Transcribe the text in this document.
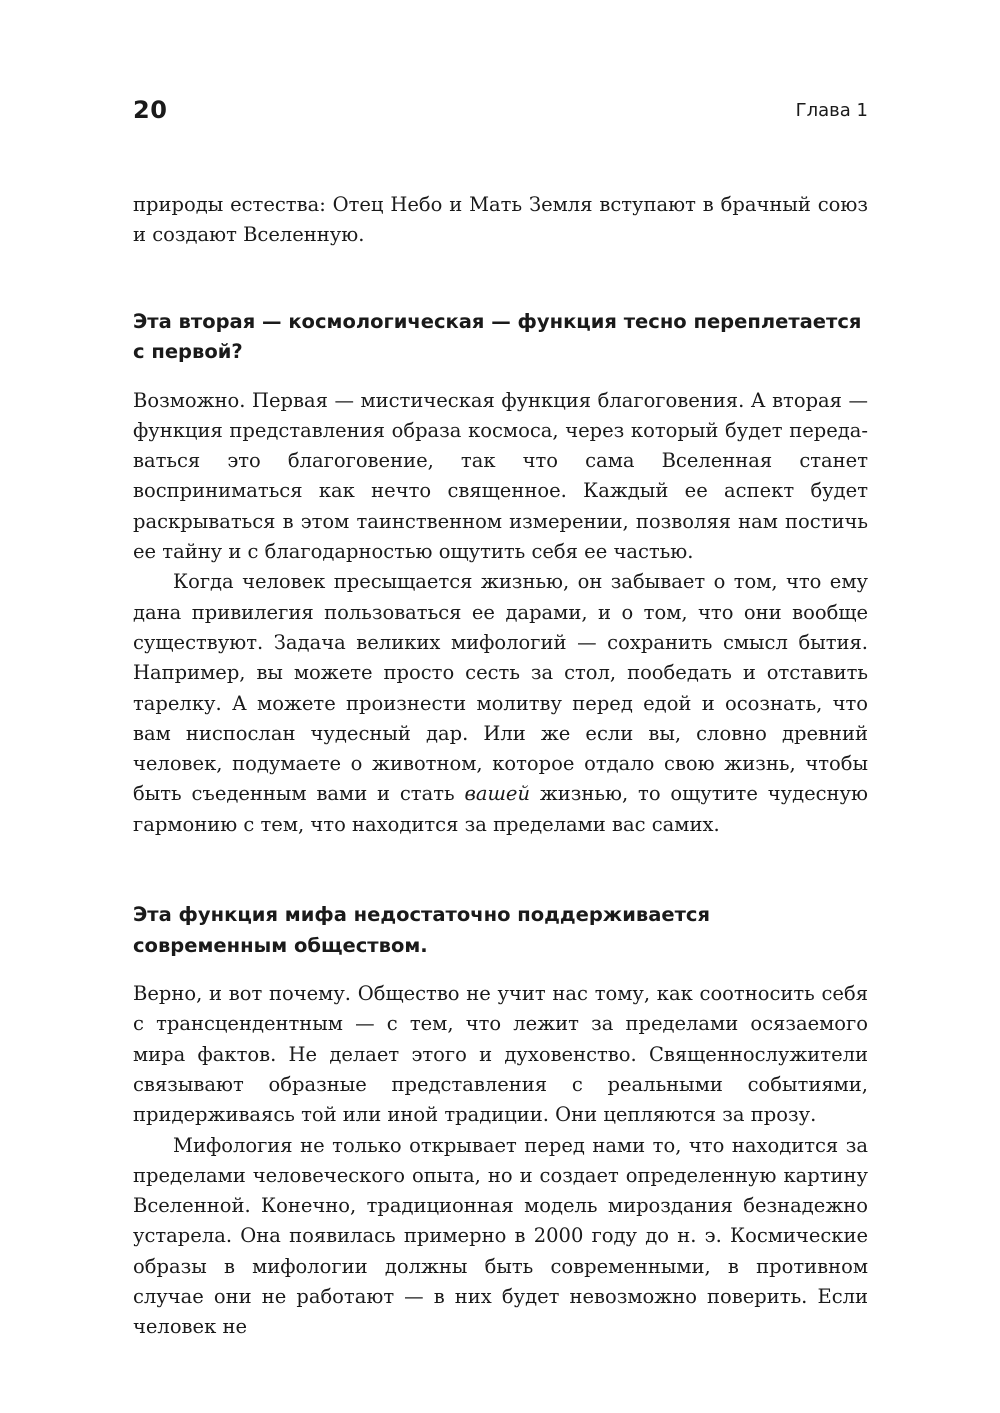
20	Глава 1

природы естества: Отец Небо и Мать Земля вступают в брачный союз и создают Вселенную.

Эта вторая — космологическая — функция тесно переплетается с первой?

Возможно. Первая — мистическая функция благоговения. А вторая — функция представления образа космоса, через который будет передаваться это благоговение, так что сама Вселенная станет восприниматься как нечто священное. Каждый ее аспект будет раскрываться в этом таинственном измерении, позволяя нам постичь ее тайну и с благодарностью ощутить себя ее частью.

Когда человек пресыщается жизнью, он забывает о том, что ему дана привилегия пользоваться ее дарами, и о том, что они вообще существуют. Задача великих мифологий — сохранить смысл бытия. Например, вы можете просто сесть за стол, пообедать и отставить тарелку. А можете произнести молитву перед едой и осознать, что вам ниспослан чудесный дар. Или же если вы, словно древний человек, подумаете о животном, которое отдало свою жизнь, чтобы быть съеденным вами и стать вашей жизнью, то ощутите чудесную гармонию с тем, что находится за пределами вас самих.

Эта функция мифа недостаточно поддерживается современным обществом.

Верно, и вот почему. Общество не учит нас тому, как соотносить себя с трансцендентным — с тем, что лежит за пределами осязаемого мира фактов. Не делает этого и духовенство. Священнослужители связывают образные представления с реальными событиями, придерживаясь той или иной традиции. Они цепляются за прозу.

Мифология не только открывает перед нами то, что находится за пределами человеческого опыта, но и создает определенную картину Вселенной. Конечно, традиционная модель мироздания безнадежно устарела. Она появилась примерно в 2000 году до н. э. Космические образы в мифологии должны быть современными, в противном случае они не работают — в них будет невозможно поверить. Если человек не
